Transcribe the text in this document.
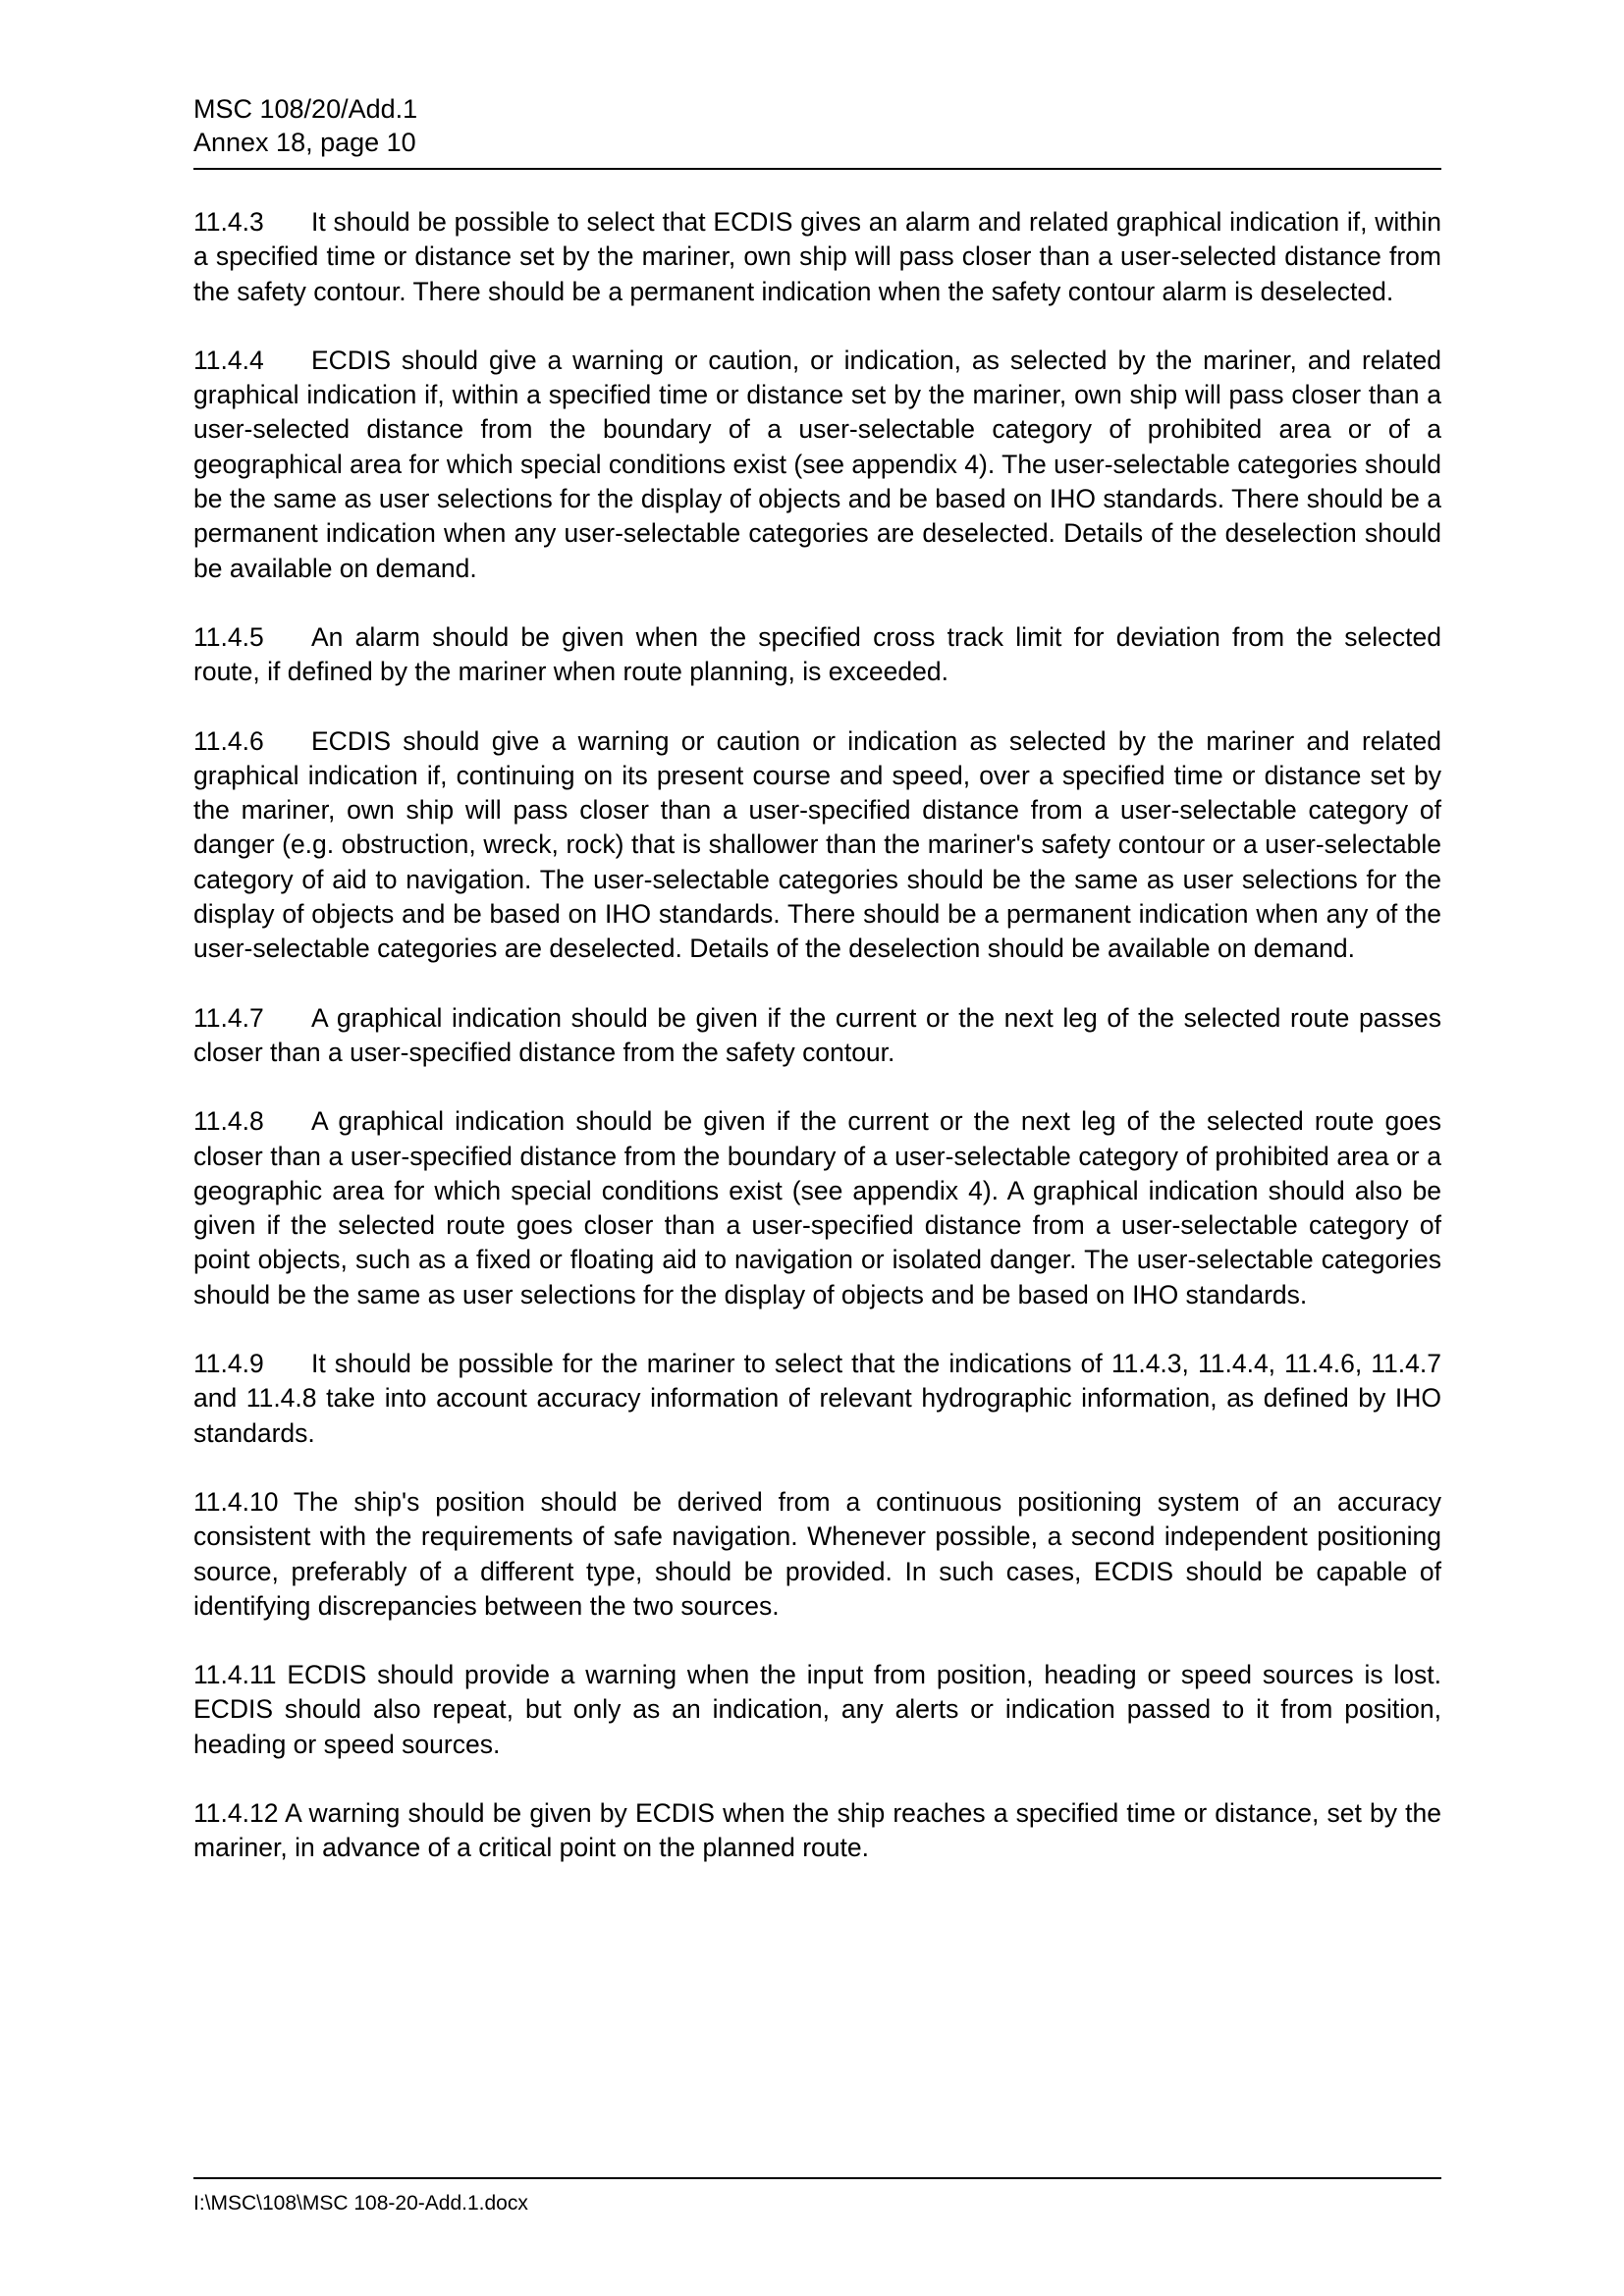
MSC 108/20/Add.1
Annex 18, page 10

11.4.3 It should be possible to select that ECDIS gives an alarm and related graphical indication if, within a specified time or distance set by the mariner, own ship will pass closer than a user-selected distance from the safety contour. There should be a permanent indication when the safety contour alarm is deselected.

11.4.4 ECDIS should give a warning or caution, or indication, as selected by the mariner, and related graphical indication if, within a specified time or distance set by the mariner, own ship will pass closer than a user-selected distance from the boundary of a user-selectable category of prohibited area or of a geographical area for which special conditions exist (see appendix 4). The user-selectable categories should be the same as user selections for the display of objects and be based on IHO standards. There should be a permanent indication when any user-selectable categories are deselected. Details of the deselection should be available on demand.

11.4.5 An alarm should be given when the specified cross track limit for deviation from the selected route, if defined by the mariner when route planning, is exceeded.

11.4.6 ECDIS should give a warning or caution or indication as selected by the mariner and related graphical indication if, continuing on its present course and speed, over a specified time or distance set by the mariner, own ship will pass closer than a user-specified distance from a user-selectable category of danger (e.g. obstruction, wreck, rock) that is shallower than the mariner's safety contour or a user-selectable category of aid to navigation. The user-selectable categories should be the same as user selections for the display of objects and be based on IHO standards. There should be a permanent indication when any of the user-selectable categories are deselected. Details of the deselection should be available on demand.

11.4.7 A graphical indication should be given if the current or the next leg of the selected route passes closer than a user-specified distance from the safety contour.

11.4.8 A graphical indication should be given if the current or the next leg of the selected route goes closer than a user-specified distance from the boundary of a user-selectable category of prohibited area or a geographic area for which special conditions exist (see appendix 4). A graphical indication should also be given if the selected route goes closer than a user-specified distance from a user-selectable category of point objects, such as a fixed or floating aid to navigation or isolated danger. The user-selectable categories should be the same as user selections for the display of objects and be based on IHO standards.

11.4.9 It should be possible for the mariner to select that the indications of 11.4.3, 11.4.4, 11.4.6, 11.4.7 and 11.4.8 take into account accuracy information of relevant hydrographic information, as defined by IHO standards.

11.4.10 The ship's position should be derived from a continuous positioning system of an accuracy consistent with the requirements of safe navigation. Whenever possible, a second independent positioning source, preferably of a different type, should be provided. In such cases, ECDIS should be capable of identifying discrepancies between the two sources.

11.4.11 ECDIS should provide a warning when the input from position, heading or speed sources is lost. ECDIS should also repeat, but only as an indication, any alerts or indication passed to it from position, heading or speed sources.

11.4.12 A warning should be given by ECDIS when the ship reaches a specified time or distance, set by the mariner, in advance of a critical point on the planned route.

I:\MSC\108\MSC 108-20-Add.1.docx
